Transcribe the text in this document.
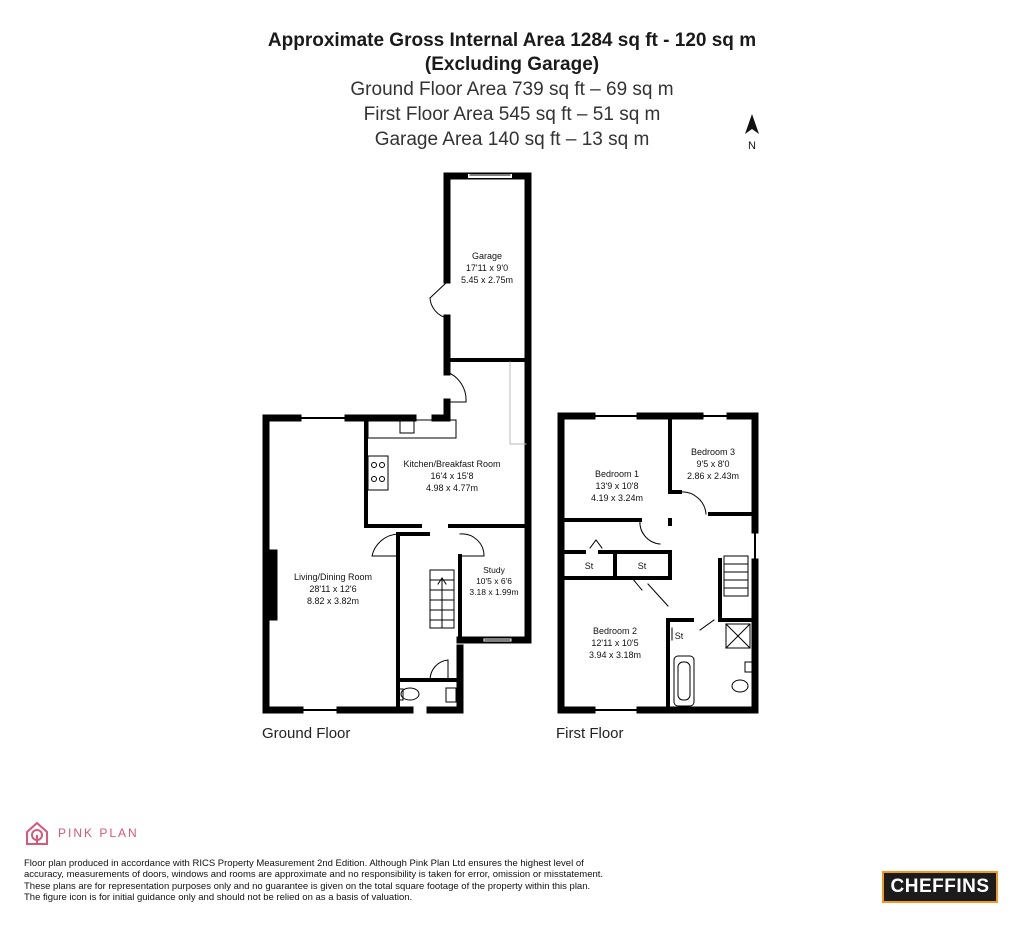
Approximate Gross Internal Area 1284 sq ft - 120 sq m
(Excluding Garage)
Ground Floor Area 739 sq ft – 69 sq m
First Floor Area 545 sq ft – 51 sq m
Garage Area 140 sq ft – 13 sq m	N
Garage
17'11 x 9'0
5.45 x 2.75m
Kitchen/Breakfast Room
16'4 x 15'8
4.98 x 4.77m
Living/Dining Room
28'11 x 12'6
8.82 x 3.82m
Study
10'5 x 6'6
3.18 x 1.99m
Bedroom 1
13'9 x 10'8
4.19 x 3.24m
Bedroom 3
9'5 x 8'0
2.86 x 2.43m
Bedroom 2
12'11 x 10'5
3.94 x 3.18m
St	St
St
Ground Floor	First Floor
PINK PLAN
Floor plan produced in accordance with RICS Property Measurement 2nd Edition. Although Pink Plan Ltd ensures the highest level of accuracy, measurements of doors, windows and rooms are approximate and no responsibility is taken for error, omission or misstatement. These plans are for representation purposes only and no guarantee is given on the total square footage of the property within this plan. The figure icon is for initial guidance only and should not be relied on as a basis of valuation.
CHEFFINS
